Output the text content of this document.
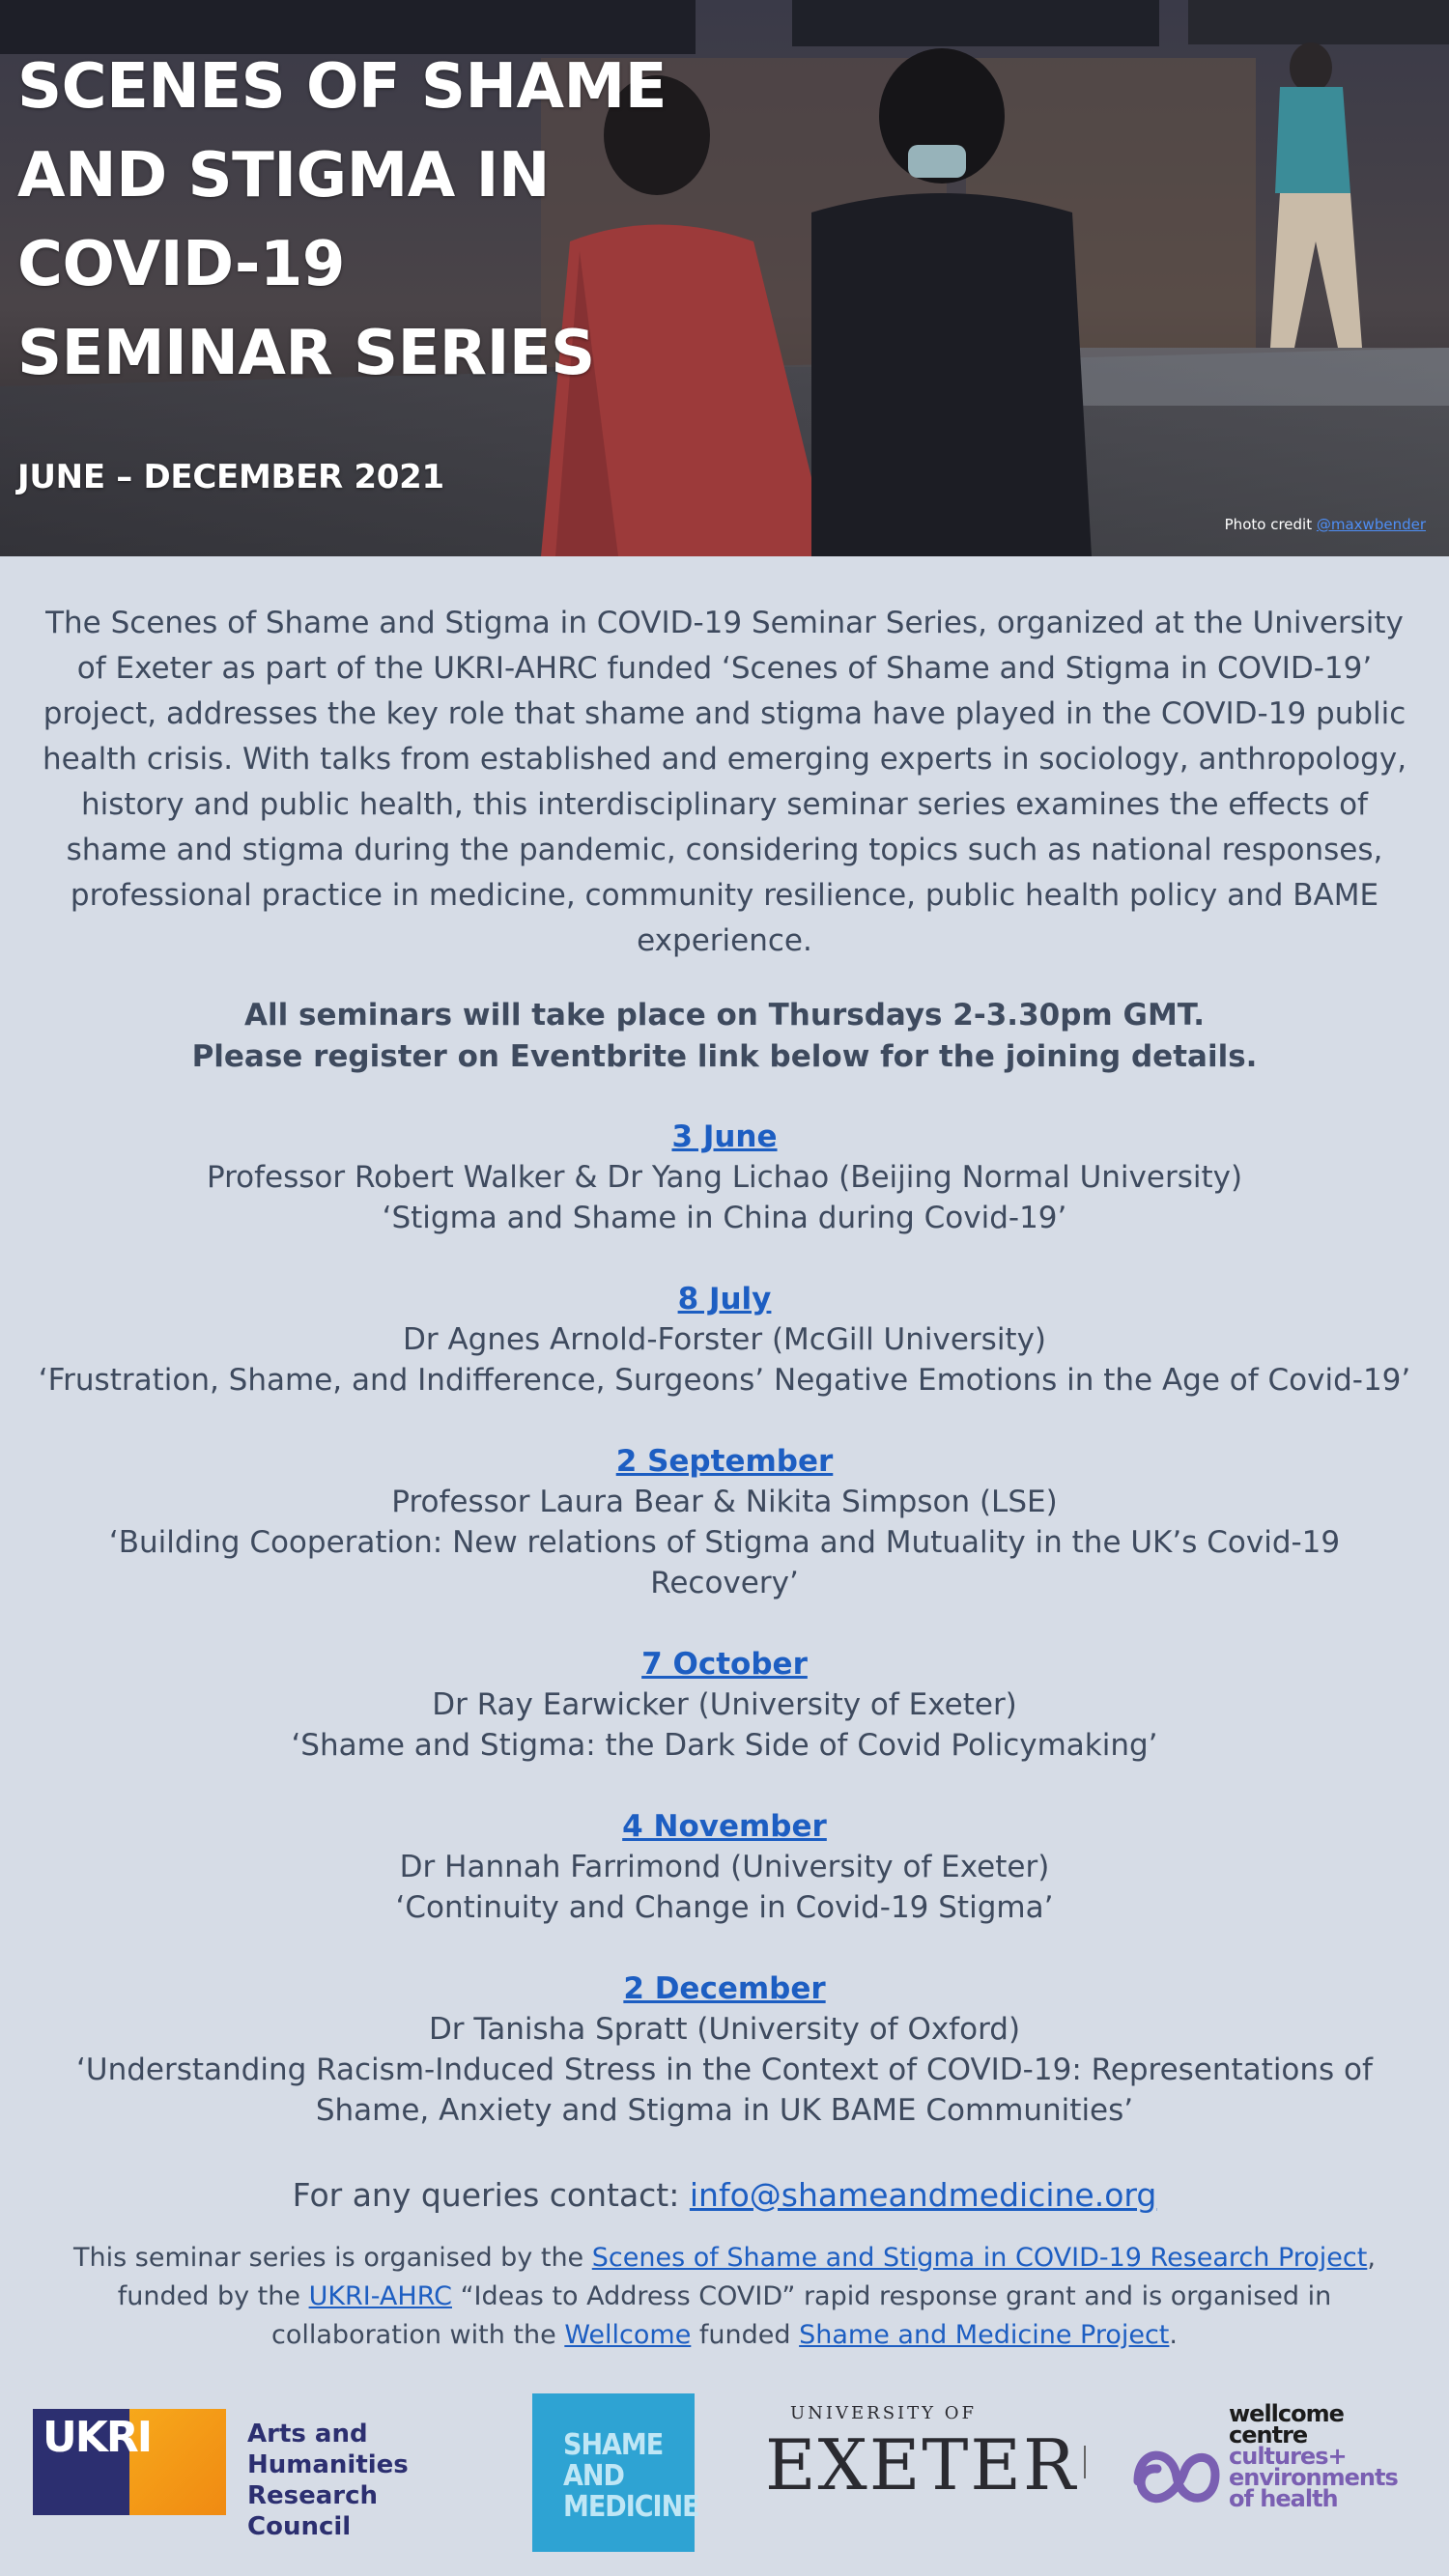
SCENES OF SHAME
AND STIGMA IN
COVID-19
SEMINAR SERIES
JUNE – DECEMBER 2021
Photo credit @maxwbender
The Scenes of Shame and Stigma in COVID-19 Seminar Series, organized at the University of Exeter as part of the UKRI-AHRC funded ‘Scenes of Shame and Stigma in COVID-19’ project, addresses the key role that shame and stigma have played in the COVID-19 public health crisis. With talks from established and emerging experts in sociology, anthropology, history and public health, this interdisciplinary seminar series examines the effects of shame and stigma during the pandemic, considering topics such as national responses, professional practice in medicine, community resilience, public health policy and BAME experience.
All seminars will take place on Thursdays 2-3.30pm GMT.
Please register on Eventbrite link below for the joining details.
3 June
Professor Robert Walker & Dr Yang Lichao (Beijing Normal University)
‘Stigma and Shame in China during Covid-19’
8 July
Dr Agnes Arnold-Forster (McGill University)
‘Frustration, Shame, and Indifference, Surgeons’ Negative Emotions in the Age of Covid-19’
2 September
Professor Laura Bear & Nikita Simpson (LSE)
‘Building Cooperation: New relations of Stigma and Mutuality in the UK’s Covid-19 Recovery’
7 October
Dr Ray Earwicker (University of Exeter)
‘Shame and Stigma: the Dark Side of Covid Policymaking’
4 November
Dr Hannah Farrimond (University of Exeter)
‘Continuity and Change in Covid-19 Stigma’
2 December
Dr Tanisha Spratt (University of Oxford)
‘Understanding Racism-Induced Stress in the Context of COVID-19: Representations of Shame, Anxiety and Stigma in UK BAME Communities’
For any queries contact: info@shameandmedicine.org
This seminar series is organised by the Scenes of Shame and Stigma in COVID-19 Research Project, funded by the UKRI-AHRC “Ideas to Address COVID” rapid response grant and is organised in collaboration with the Wellcome funded Shame and Medicine Project.
UKRI	Arts and
Humanities
Research Council
SHAME
AND
MEDICINE
UNIVERSITY OF
EXETER
wellcome
centre
cultures+
environments
of health
